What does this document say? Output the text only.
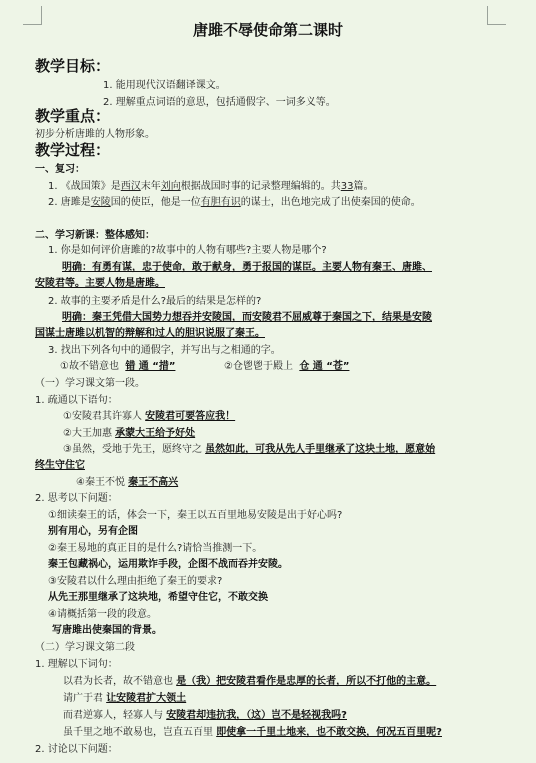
唐雎不辱使命第二课时
教学目标：
1. 能用现代汉语翻译课文。
2. 理解重点词语的意思，包括通假字、一词多义等。
教学重点：
初步分析唐雎的人物形象。
教学过程：
一、复习：
1. 《战国策》是西汉末年刘向根据战国时事的记录整理编辑的。共33篇。
2. 唐雎是安陵国的使臣，他是一位有胆有识的谋士，出色地完成了出使秦国的使命。
二、学习新课：整体感知：
1. 你是如何评价唐雎的?故事中的人物有哪些?主要人物是哪个?
明确：有勇有谋，忠于使命，敢于献身，勇于报国的谋臣。主要人物有秦王、唐雎、
安陵君等。主要人物是唐雎。
2. 故事的主要矛盾是什么?最后的结果是怎样的?
明确：秦王凭借大国势力想吞并安陵国，而安陵君不屈威尊于秦国之下，结果是安陵
国谋士唐雎以机智的辩解和过人的胆识说服了秦王。
3. 找出下列各句中的通假字，并写出与之相通的字。
①故不错意也 错 通 “措”	②仓鬯鬯于殿上 仓 通 “苍”
（一）学习课文第一段。
1. 疏通以下语句：
①安陵君其许寡人 安陵君可要答应我！
②大王加惠 承蒙大王给予好处
③虽然，受地于先王，愿终守之 虽然如此，可我从先人手里继承了这块土地，愿意始
终生守住它
④秦王不悦 秦王不高兴
2. 思考以下问题：
①细读秦王的话，体会一下，秦王以五百里地易安陵是出于好心吗?
别有用心，另有企图
②秦王易地的真正目的是什么?请恰当推测一下。
秦王包藏祸心，运用欺诈手段，企图不战而吞并安陵。
③安陵君以什么理由拒绝了秦王的要求?
从先王那里继承了这块地，希望守住它，不敢交换
④请概括第一段的段意。
写唐雎出使秦国的背景。
（二）学习课文第二段
1. 理解以下词句：
以君为长者，故不错意也 是（我）把安陵君看作是忠厚的长者，所以不打他的主意。
请广于君 让安陵君扩大领土
而君逆寡人，轻寡人与 安陵君却违抗我，（这）岂不是轻视我吗?
虽千里之地不敢易也，岂直五百里 即使拿一千里土地来，也不敢交换，何况五百里呢?
2. 讨论以下问题：
